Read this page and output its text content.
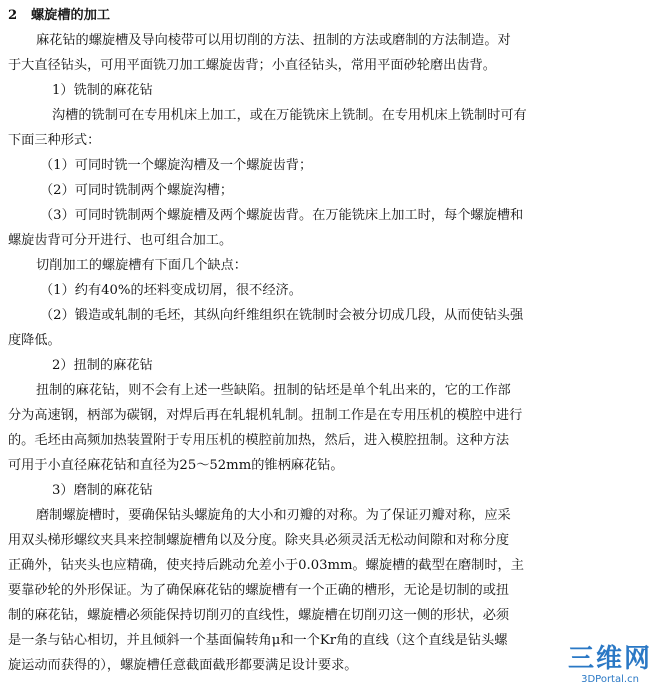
2 螺旋槽的加工
麻花钻的螺旋槽及导向棱带可以用切削的方法、扭制的方法或磨制的方法制造。对
于大直径钻头，可用平面铣刀加工螺旋齿背；小直径钻头，常用平面砂轮磨出齿背。
1）铣制的麻花钻
沟槽的铣制可在专用机床上加工，或在万能铣床上铣制。在专用机床上铣制时可有
下面三种形式：
（1）可同时铣一个螺旋沟槽及一个螺旋齿背；
（2）可同时铣制两个螺旋沟槽；
（3）可同时铣制两个螺旋槽及两个螺旋齿背。在万能铣床上加工时，每个螺旋槽和
螺旋齿背可分开进行、也可组合加工。
切削加工的螺旋槽有下面几个缺点：
（1）约有40%的坯料变成切屑，很不经济。
（2）锻造或轧制的毛坯，其纵向纤维组织在铣制时会被分切成几段，从而使钻头强
度降低。
2）扭制的麻花钻
扭制的麻花钻，则不会有上述一些缺陷。扭制的钻坯是单个轧出来的，它的工作部
分为高速钢，柄部为碳钢，对焊后再在轧辊机轧制。扭制工作是在专用压机的模腔中进行
的。毛坯由高频加热装置附于专用压机的模腔前加热，然后，进入模腔扭制。这种方法
可用于小直径麻花钻和直径为25～52mm的锥柄麻花钻。
3）磨制的麻花钻
磨制螺旋槽时，要确保钻头螺旋角的大小和刃瓣的对称。为了保证刃瓣对称，应采
用双头梯形螺纹夹具来控制螺旋槽角以及分度。除夹具必须灵活无松动间隙和对称分度
正确外，钻夹头也应精确，使夹持后跳动允差小于0.03mm。螺旋槽的截型在磨制时，主
要靠砂轮的外形保证。为了确保麻花钻的螺旋槽有一个正确的槽形，无论是切制的或扭
制的麻花钻，螺旋槽必须能保持切削刃的直线性，螺旋槽在切削刃这一侧的形状，必须
是一条与钻心相切，并且倾斜一个基面偏转角μ和一个Kr角的直线（这个直线是钻头螺
旋运动而获得的），螺旋槽任意截面截形都要满足设计要求。	三维网
3DPortal.cn
